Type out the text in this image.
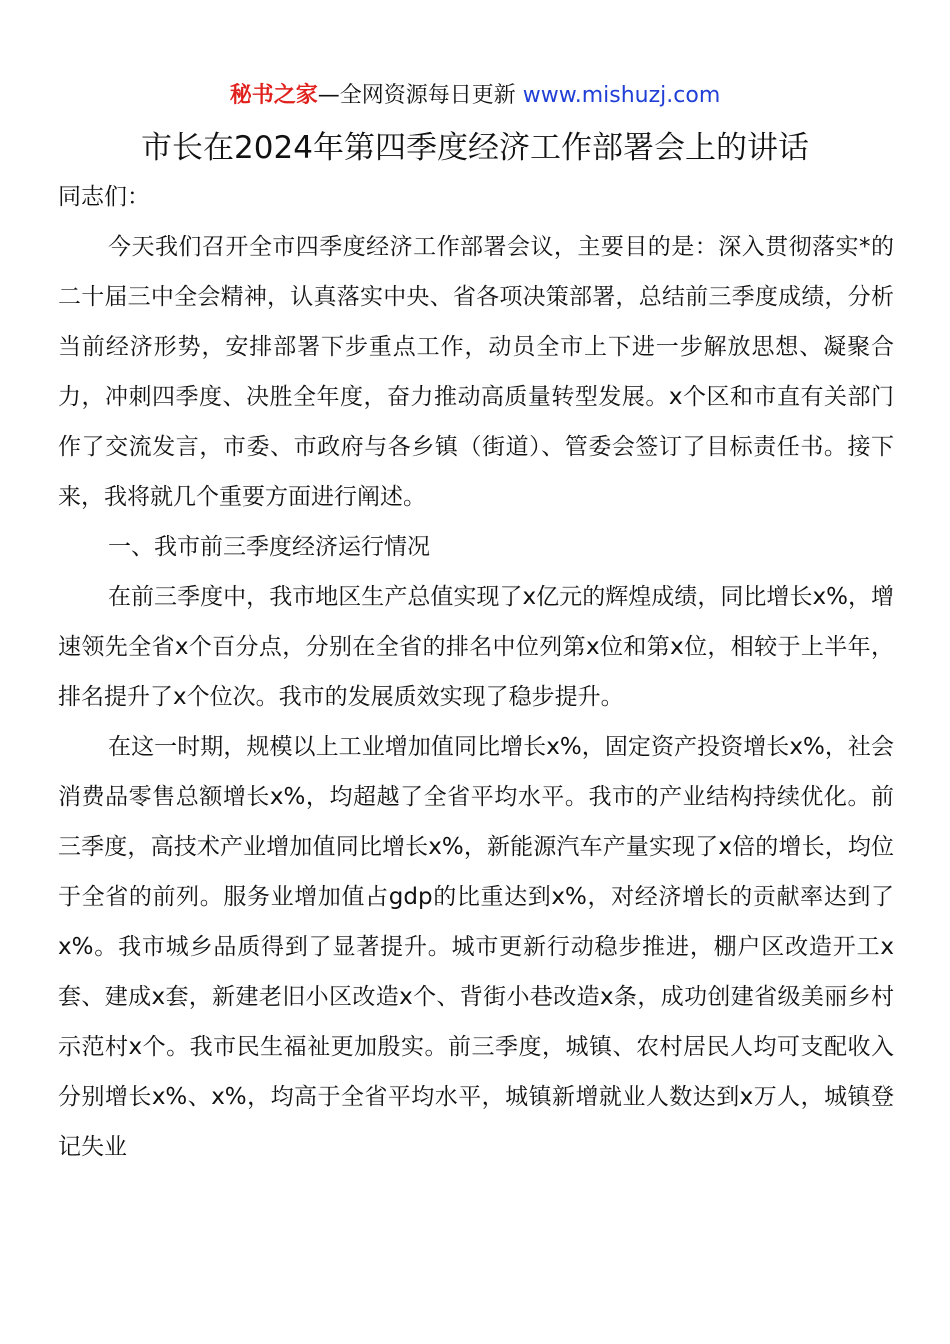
秘书之家—全网资源每日更新 www.mishuzj.com
市长在2024年第四季度经济工作部署会上的讲话

同志们：

今天我们召开全市四季度经济工作部署会议，主要目的是：深入贯彻落实*的二十届三中全会精神，认真落实中央、省各项决策部署，总结前三季度成绩，分析当前经济形势，安排部署下步重点工作，动员全市上下进一步解放思想、凝聚合力，冲刺四季度、决胜全年度，奋力推动高质量转型发展。x个区和市直有关部门作了交流发言，市委、市政府与各乡镇（街道）、管委会签订了目标责任书。接下来，我将就几个重要方面进行阐述。

一、我市前三季度经济运行情况

在前三季度中，我市地区生产总值实现了x亿元的辉煌成绩，同比增长x%，增速领先全省x个百分点，分别在全省的排名中位列第x位和第x位，相较于上半年，排名提升了x个位次。我市的发展质效实现了稳步提升。

在这一时期，规模以上工业增加值同比增长x%，固定资产投资增长x%，社会消费品零售总额增长x%，均超越了全省平均水平。我市的产业结构持续优化。前三季度，高技术产业增加值同比增长x%，新能源汽车产量实现了x倍的增长，均位于全省的前列。服务业增加值占gdp的比重达到x%，对经济增长的贡献率达到了x%。我市城乡品质得到了显著提升。城市更新行动稳步推进，棚户区改造开工x套、建成x套，新建老旧小区改造x个、背街小巷改造x条，成功创建省级美丽乡村示范村x个。我市民生福祉更加殷实。前三季度，城镇、农村居民人均可支配收入分别增长x%、x%，均高于全省平均水平，城镇新增就业人数达到x万人，城镇登记失业
